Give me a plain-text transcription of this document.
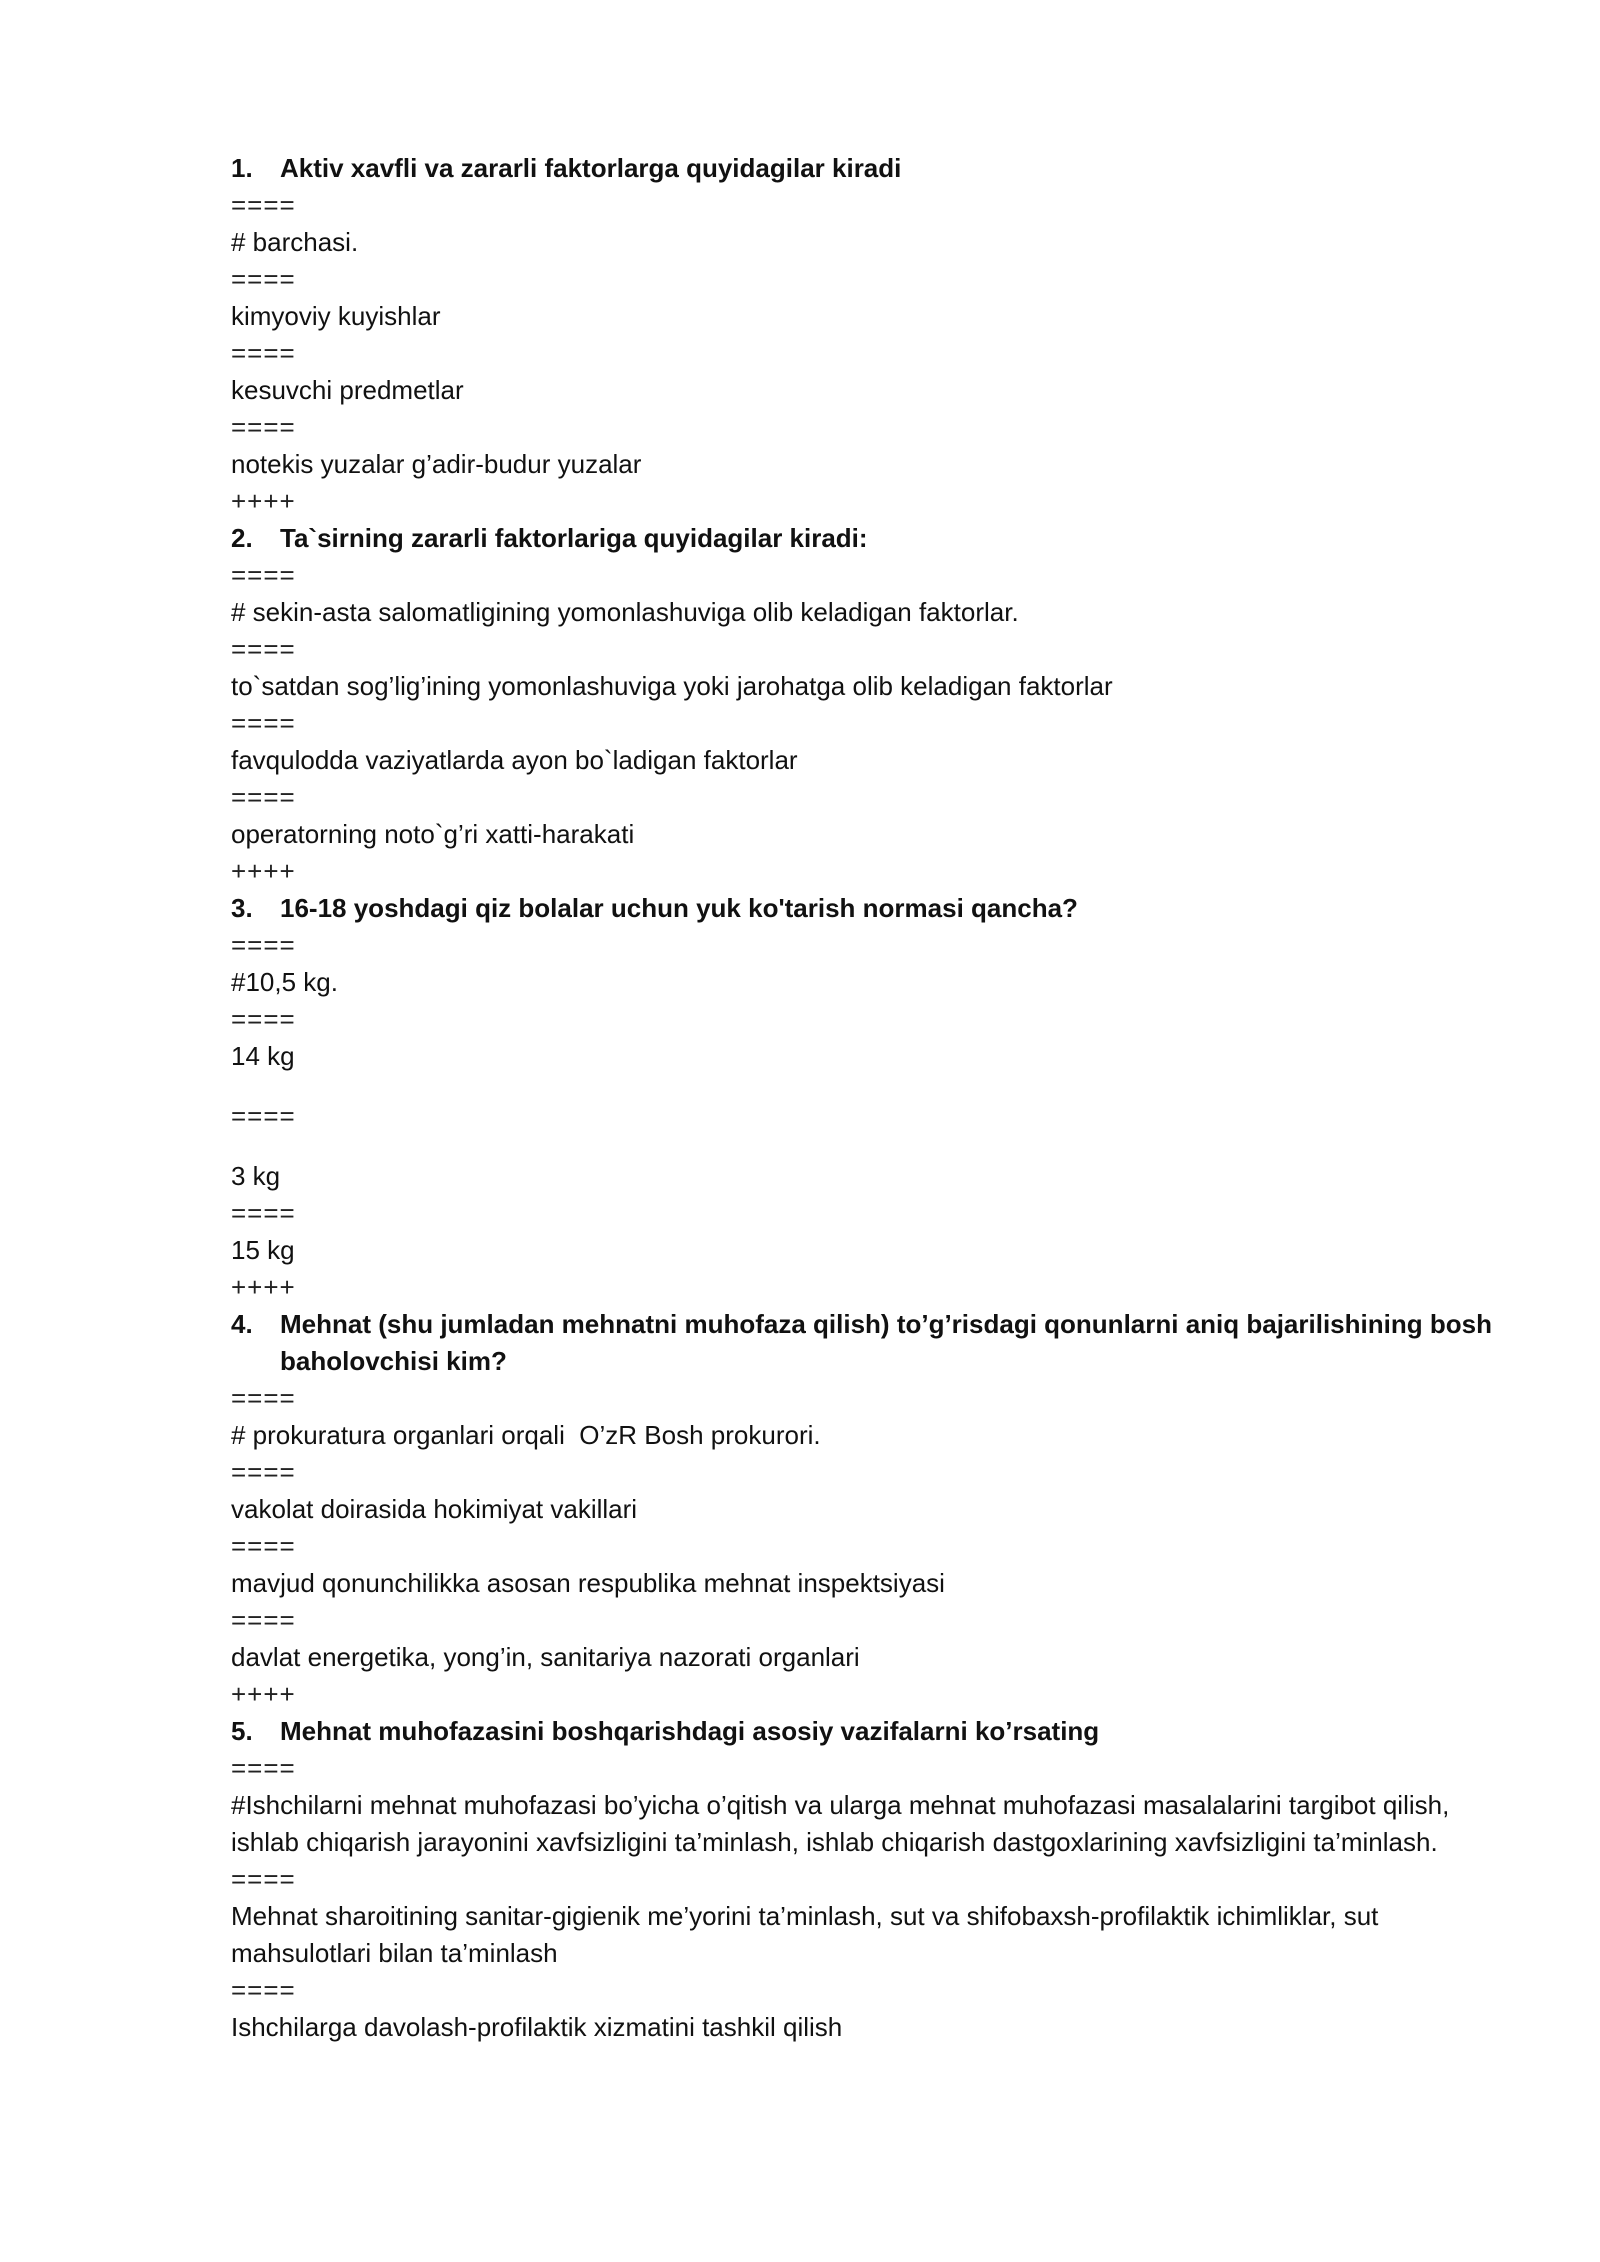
1.	Aktiv xavfli va zararli faktorlarga quyidagilar kiradi
====
# barchasi.
====
kimyoviy kuyishlar
====
kesuvchi predmetlar
====
notekis yuzalar g’adir-budur yuzalar
++++
2.	Ta`sirning zararli faktorlariga quyidagilar kiradi:
====
# sekin-asta salomatligining yomonlashuviga olib keladigan faktorlar.
====
to`satdan sog’lig’ining yomonlashuviga yoki jarohatga olib keladigan faktorlar
====
favqulodda vaziyatlarda ayon bo`ladigan faktorlar
====
operatorning noto`g’ri xatti-harakati
++++
3.	16-18 yoshdagi qiz bolalar uchun yuk ko'tarish normasi qancha?
====
#10,5 kg.
====
14 kg
====
3 kg
====
15 kg
++++
4.	Mehnat (shu jumladan mehnatni muhofaza qilish) to’g’risdagi qonunlarni aniq bajarilishining bosh baholovchisi kim?
====
# prokuratura organlari orqali  O’zR Bosh prokurori.
====
vakolat doirasida hokimiyat vakillari
====
mavjud qonunchilikka asosan respublika mehnat inspektsiyasi
====
davlat energetika, yong’in, sanitariya nazorati organlari
++++
5.	Mehnat muhofazasini boshqarishdagi asosiy vazifalarni ko’rsating
====
#Ishchilarni mehnat muhofazasi bo’yicha o’qitish va ularga mehnat muhofazasi masalalarini targibot qilish, ishlab chiqarish jarayonini xavfsizligini ta’minlash, ishlab chiqarish dastgoxlarining xavfsizligini ta’minlash.
====
Mehnat sharoitining sanitar-gigienik me’yorini ta’minlash, sut va shifobaxsh-profilaktik ichimliklar, sut mahsulotlari bilan ta’minlash
====
Ishchilarga davolash-profilaktik xizmatini tashkil qilish
